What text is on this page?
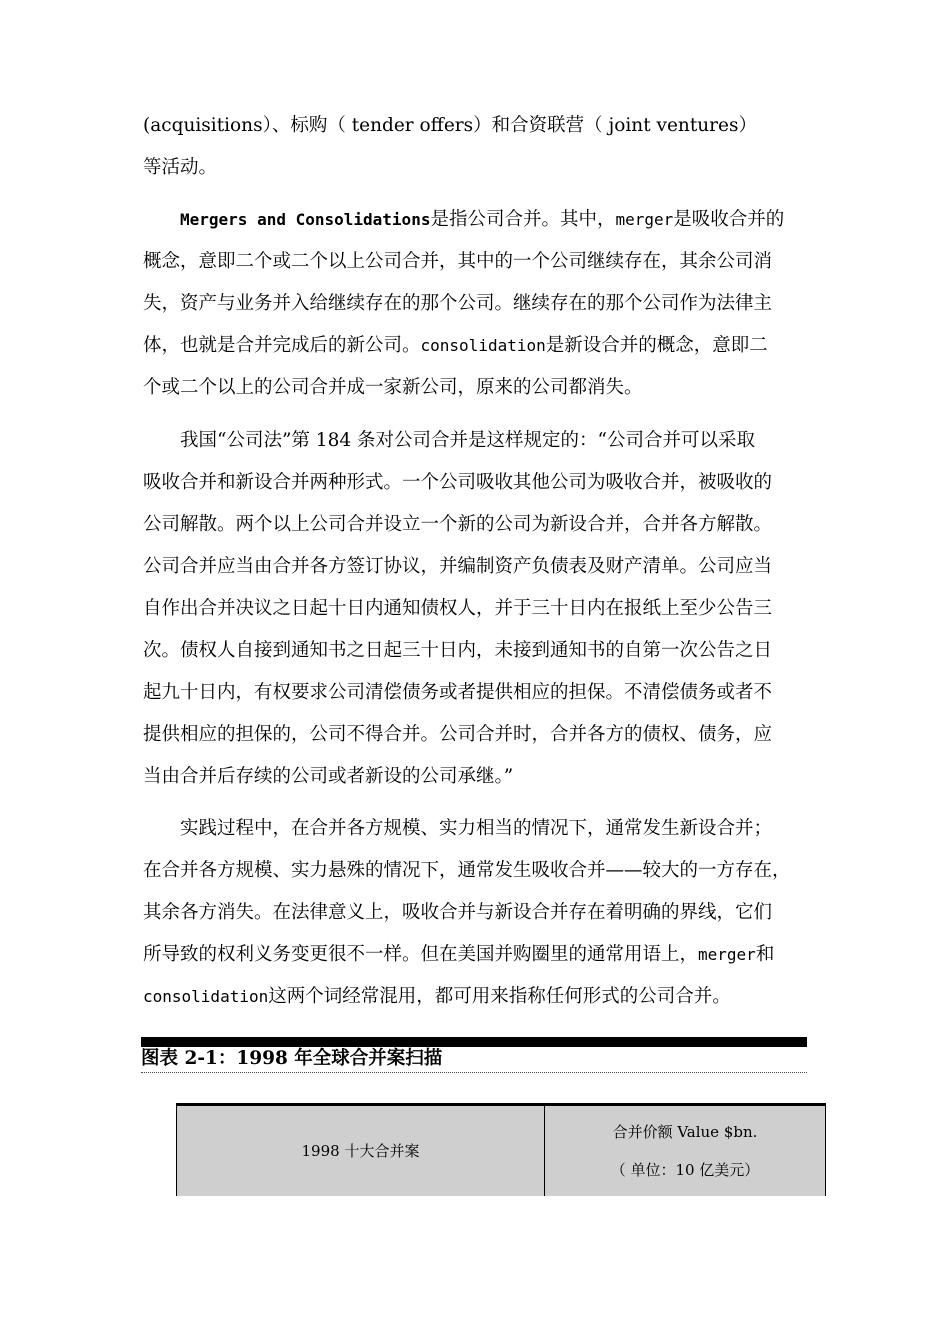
(acquisitions）、标购（ tender offers）和合资联营（ joint ventures）
等活动。
Mergers and Consolidations是指公司合并。其中，merger是吸收合并的
概念，意即二个或二个以上公司合并，其中的一个公司继续存在，其余公司消
失，资产与业务并入给继续存在的那个公司。继续存在的那个公司作为法律主
体，也就是合并完成后的新公司。consolidation是新设合并的概念，意即二
个或二个以上的公司合并成一家新公司，原来的公司都消失。
我国“公司法”第 184 条对公司合并是这样规定的：“公司合并可以采取
吸收合并和新设合并两种形式。一个公司吸收其他公司为吸收合并，被吸收的
公司解散。两个以上公司合并设立一个新的公司为新设合并，合并各方解散。
公司合并应当由合并各方签订协议，并编制资产负债表及财产清单。公司应当
自作出合并决议之日起十日内通知债权人，并于三十日内在报纸上至少公告三
次。债权人自接到通知书之日起三十日内，未接到通知书的自第一次公告之日
起九十日内，有权要求公司清偿债务或者提供相应的担保。不清偿债务或者不
提供相应的担保的，公司不得合并。公司合并时，合并各方的债权、债务，应
当由合并后存续的公司或者新设的公司承继。”
实践过程中，在合并各方规模、实力相当的情况下，通常发生新设合并；
在合并各方规模、实力悬殊的情况下，通常发生吸收合并——较大的一方存在，
其余各方消失。在法律意义上，吸收合并与新设合并存在着明确的界线，它们
所导致的权利义务变更很不一样。但在美国并购圈里的通常用语上，merger和
consolidation这两个词经常混用，都可用来指称任何形式的公司合并。
图表 2-1：1998 年全球合并案扫描
1998 十大合并案
合并价额 Value $bn.
（ 单位：10 亿美元）
